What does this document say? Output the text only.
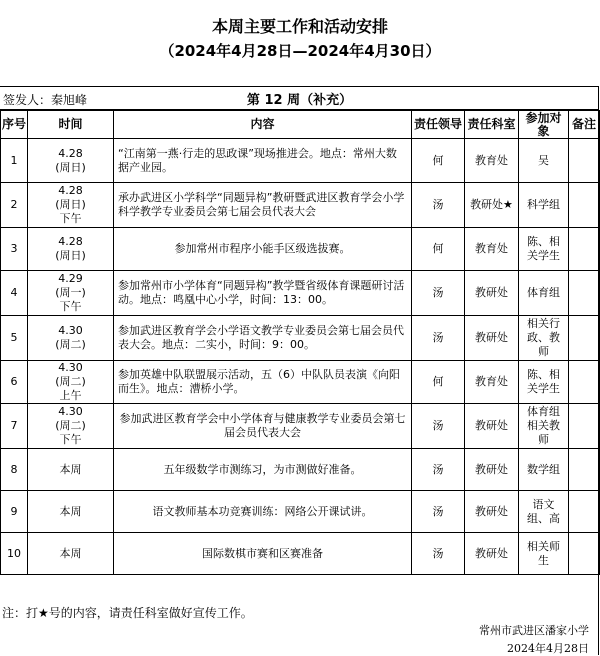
本周主要工作和活动安排
（2024年4月28日—2024年4月30日）
签发人：秦旭峰	第 12 周（补充）
序号	时间	内容	责任领导	责任科室	参加对象	备注
1	4.28
(周日)	“江南第一燕·行走的思政课”现场推进会。地点：常州大数据产业园。	何	教育处	吴	
2	4.28
(周日)
下午	承办武进区小学科学“同题异构”教研暨武进区教育学会小学科学教学专业委员会第七届会员代表大会	汤	教研处★	科学组	
3	4.28
(周日)	参加常州市程序小能手区级选拔赛。	何	教育处	陈、相关学生	
4	4.29
(周一)
下午	参加常州市小学体育“同题异构”教学暨省级体育课题研讨活动。地点：鸣凰中心小学，时间：13：00。	汤	教研处	体育组	
5	4.30
(周二)	参加武进区教育学会小学语文教学专业委员会第七届会员代表大会。地点：二实小，时间：9：00。	汤	教研处	相关行政、教师	
6	4.30
(周二)
上午	参加英雄中队联盟展示活动，五（6）中队队员表演《向阳而生》。地点：漕桥小学。	何	教育处	陈、相关学生	
7	4.30
(周二)
下午	参加武进区教育学会中小学体育与健康教学专业委员会第七届会员代表大会	汤	教研处	体育组相关教师	
8	本周	五年级数学市测练习，为市测做好准备。	汤	教研处	数学组	
9	本周	语文教师基本功竞赛训练：网络公开课试讲。	汤	教研处	语文组、高	
10	本周	国际数棋市赛和区赛准备	汤	教研处	相关师生	
注：打★号的内容，请责任科室做好宣传工作。
常州市武进区潘家小学
2024年4月28日
